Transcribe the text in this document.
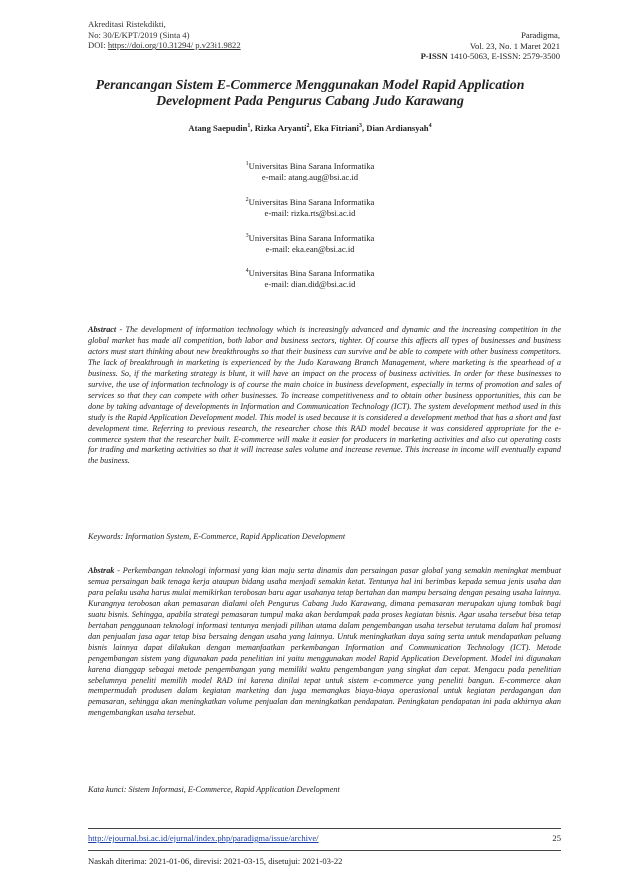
Akreditasi Ristekdikti,
No: 30/E/KPT/2019 (Sinta 4)
DOI: https://doi.org/10.31294/ p.v23i1.9822
Paradigma,
Vol. 23, No. 1 Maret 2021
P-ISSN 1410-5063, E-ISSN: 2579-3500
Perancangan Sistem E-Commerce Menggunakan Model Rapid Application
Development Pada Pengurus Cabang Judo Karawang
Atang Saepudin$^1$, Rizka Aryanti$^2$, Eka Fitriani$^3$, Dian Ardiansyah$^4$
$^1$Universitas Bina Sarana Informatika
e-mail: atang.aug@bsi.ac.id
$^2$Universitas Bina Sarana Informatika
e-mail: rizka.rts@bsi.ac.id
$^3$Universitas Bina Sarana Informatika
e-mail: eka.ean@bsi.ac.id
$^4$Universitas Bina Sarana Informatika
e-mail: dian.did@bsi.ac.id
Abstract - The development of information technology which is increasingly advanced and dynamic and the increasing competition in the global market has made all competition, both labor and business sectors, tighter. Of course this affects all types of businesses and business actors must start thinking about new breakthroughs so that their business can survive and be able to compete with other business competitors. The lack of breakthrough in marketing is experienced by the Judo Karawang Branch Management, where marketing is the spearhead of a business. So, if the marketing strategy is blunt, it will have an impact on the process of business activities. In order for these businesses to survive, the use of information technology is of course the main choice in business development, especially in terms of promotion and sales of services so that they can compete with other businesses. To increase competitiveness and to obtain other business opportunities, this can be done by taking advantage of developments in Information and Communication Technology (ICT). The system development method used in this study is the Rapid Application Development model. This model is used because it is considered a development method that has a short and fast development time. Referring to previous research, the researcher chose this RAD model because it was considered appropriate for the e-commerce system that the researcher built. E-commerce will make it easier for producers in marketing activities and also cut operating costs for trading and marketing activities so that it will increase sales volume and increase revenue. This increase in income will eventually expand the business.
Keywords: Information System, E-Commerce, Rapid Application Development
Abstrak - Perkembangan teknologi informasi yang kian maju serta dinamis dan persaingan pasar global yang semakin meningkat membuat semua persaingan baik tenaga kerja ataupun bidang usaha menjadi semakin ketat. Tentunya hal ini berimbas kepada semua jenis usaha dan para pelaku usaha harus mulai memikirkan terobosan baru agar usahanya tetap bertahan dan mampu bersaing dengan pesaing usaha lainnya. Kurangnya terobosan akan pemasaran dialami oleh Pengurus Cabang Judo Karawang, dimana pemasaran merupakan ujung tombak bagi suatu bisnis. Sehingga, apabila strategi pemasaran tumpul maka akan berdampak pada proses kegiatan bisnis. Agar usaha tersebut bisa tetap bertahan penggunaan teknologi informasi tentunya menjadi pilihan utama dalam pengembangan usaha tersebut terutama dalam hal promosi dan penjualan jasa agar tetap bisa bersaing dengan usaha yang lainnya. Untuk meningkatkan daya saing serta untuk mendapatkan peluang bisnis lainnya dapat dilakukan dengan memanfaatkan perkembangan Information and Communication Technology (ICT). Metode pengembangan sistem yang digunakan pada penelitian ini yaitu menggunakan model Rapid Application Development. Model ini digunakan karena dianggap sebagai metode pengembangan yang memiliki waktu pengembangan yang singkat dan cepat. Mengacu pada penelitian sebelumnya peneliti memilih model RAD ini karena dinilai tepat untuk sistem e-commerce yang peneliti bangun. E-commerce akan mempermudah produsen dalam kegiatan marketing dan juga memangkas biaya-biaya operasional untuk kegiatan perdagangan dan pemasaran, sehingga akan meningkatkan volume penjualan dan meningkatkan pendapatan. Peningkatan pendapatan ini pada akhirnya akan mengembangkan usaha tersebut.
Kata kunci: Sistem Informasi, E-Commerce, Rapid Application Development
http://ejournal.bsi.ac.id/ejurnal/index.php/paradigma/issue/archive/	25
Naskah diterima: 2021-01-06, direvisi: 2021-03-15, disetujui: 2021-03-22
